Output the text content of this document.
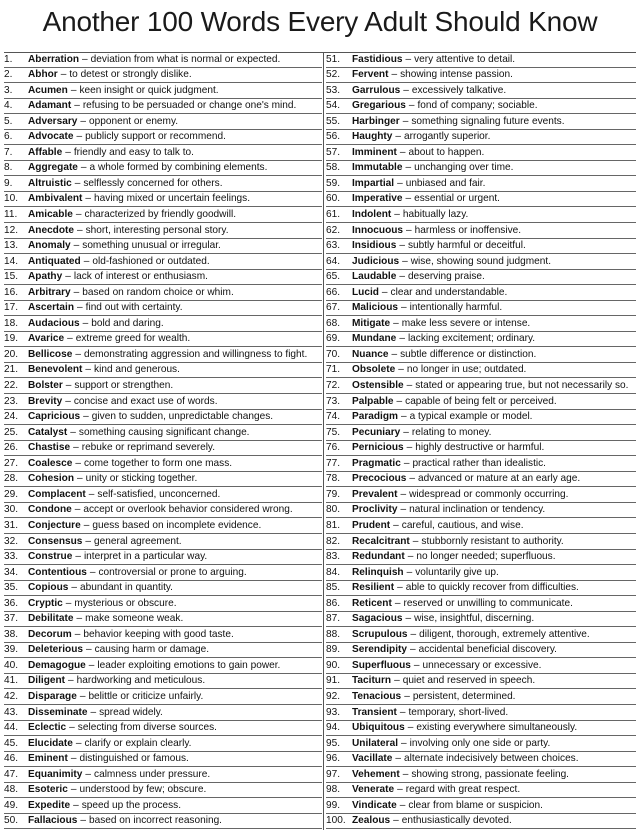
Another 100 Words Every Adult Should Know
1.	Aberration – deviation from what is normal or expected.
2.	Abhor – to detest or strongly dislike.
3.	Acumen – keen insight or quick judgment.
4.	Adamant – refusing to be persuaded or change one's mind.
5.	Adversary – opponent or enemy.
6.	Advocate – publicly support or recommend.
7.	Affable – friendly and easy to talk to.
8.	Aggregate – a whole formed by combining elements.
9.	Altruistic – selflessly concerned for others.
10. Ambivalent – having mixed or uncertain feelings.
11.	Amicable – characterized by friendly goodwill.
12. Anecdote – short, interesting personal story.
13. Anomaly – something unusual or irregular.
14. Antiquated – old-fashioned or outdated.
15. Apathy – lack of interest or enthusiasm.
16. Arbitrary – based on random choice or whim.
17. Ascertain – find out with certainty.
18. Audacious – bold and daring.
19. Avarice – extreme greed for wealth.
20. Bellicose – demonstrating aggression and willingness to fight.
21. Benevolent – kind and generous.
22. Bolster – support or strengthen.
23. Brevity – concise and exact use of words.
24. Capricious – given to sudden, unpredictable changes.
25. Catalyst – something causing significant change.
26. Chastise – rebuke or reprimand severely.
27. Coalesce – come together to form one mass.
28. Cohesion – unity or sticking together.
29. Complacent – self-satisfied, unconcerned.
30. Condone – accept or overlook behavior considered wrong.
31. Conjecture – guess based on incomplete evidence.
32. Consensus – general agreement.
33. Construe – interpret in a particular way.
34. Contentious – controversial or prone to arguing.
35. Copious – abundant in quantity.
36. Cryptic – mysterious or obscure.
37. Debilitate – make someone weak.
38. Decorum – behavior keeping with good taste.
39. Deleterious – causing harm or damage.
40. Demagogue – leader exploiting emotions to gain power.
41. Diligent – hardworking and meticulous.
42. Disparage – belittle or criticize unfairly.
43. Disseminate – spread widely.
44. Eclectic – selecting from diverse sources.
45. Elucidate – clarify or explain clearly.
46. Eminent – distinguished or famous.
47. Equanimity – calmness under pressure.
48. Esoteric – understood by few; obscure.
49. Expedite – speed up the process.
50. Fallacious – based on incorrect reasoning.
51.	Fastidious – very attentive to detail.
52.	Fervent – showing intense passion.
53.	Garrulous – excessively talkative.
54.	Gregarious – fond of company; sociable.
55.	Harbinger – something signaling future events.
56.	Haughty – arrogantly superior.
57.	Imminent – about to happen.
58.	Immutable – unchanging over time.
59.	Impartial – unbiased and fair.
60.	Imperative – essential or urgent.
61.	Indolent – habitually lazy.
62.	Innocuous – harmless or inoffensive.
63.	Insidious – subtly harmful or deceitful.
64.	Judicious – wise, showing sound judgment.
65.	Laudable – deserving praise.
66.	Lucid – clear and understandable.
67.	Malicious – intentionally harmful.
68.	Mitigate – make less severe or intense.
69.	Mundane – lacking excitement; ordinary.
70.	Nuance – subtle difference or distinction.
71.	Obsolete – no longer in use; outdated.
72.	Ostensible – stated or appearing true, but not necessarily so.
73.	Palpable – capable of being felt or perceived.
74.	Paradigm – a typical example or model.
75.	Pecuniary – relating to money.
76.	Pernicious – highly destructive or harmful.
77.	Pragmatic – practical rather than idealistic.
78.	Precocious – advanced or mature at an early age.
79.	Prevalent – widespread or commonly occurring.
80.	Proclivity – natural inclination or tendency.
81.	Prudent – careful, cautious, and wise.
82.	Recalcitrant – stubbornly resistant to authority.
83.	Redundant – no longer needed; superfluous.
84.	Relinquish – voluntarily give up.
85.	Resilient – able to quickly recover from difficulties.
86.	Reticent – reserved or unwilling to communicate.
87.	Sagacious – wise, insightful, discerning.
88.	Scrupulous – diligent, thorough, extremely attentive.
89.	Serendipity – accidental beneficial discovery.
90.	Superfluous – unnecessary or excessive.
91.	Taciturn – quiet and reserved in speech.
92.	Tenacious – persistent, determined.
93.	Transient – temporary, short-lived.
94.	Ubiquitous – existing everywhere simultaneously.
95.	Unilateral – involving only one side or party.
96.	Vacillate – alternate indecisively between choices.
97.	Vehement – showing strong, passionate feeling.
98.	Venerate – regard with great respect.
99.	Vindicate – clear from blame or suspicion.
100. Zealous – enthusiastically devoted.
